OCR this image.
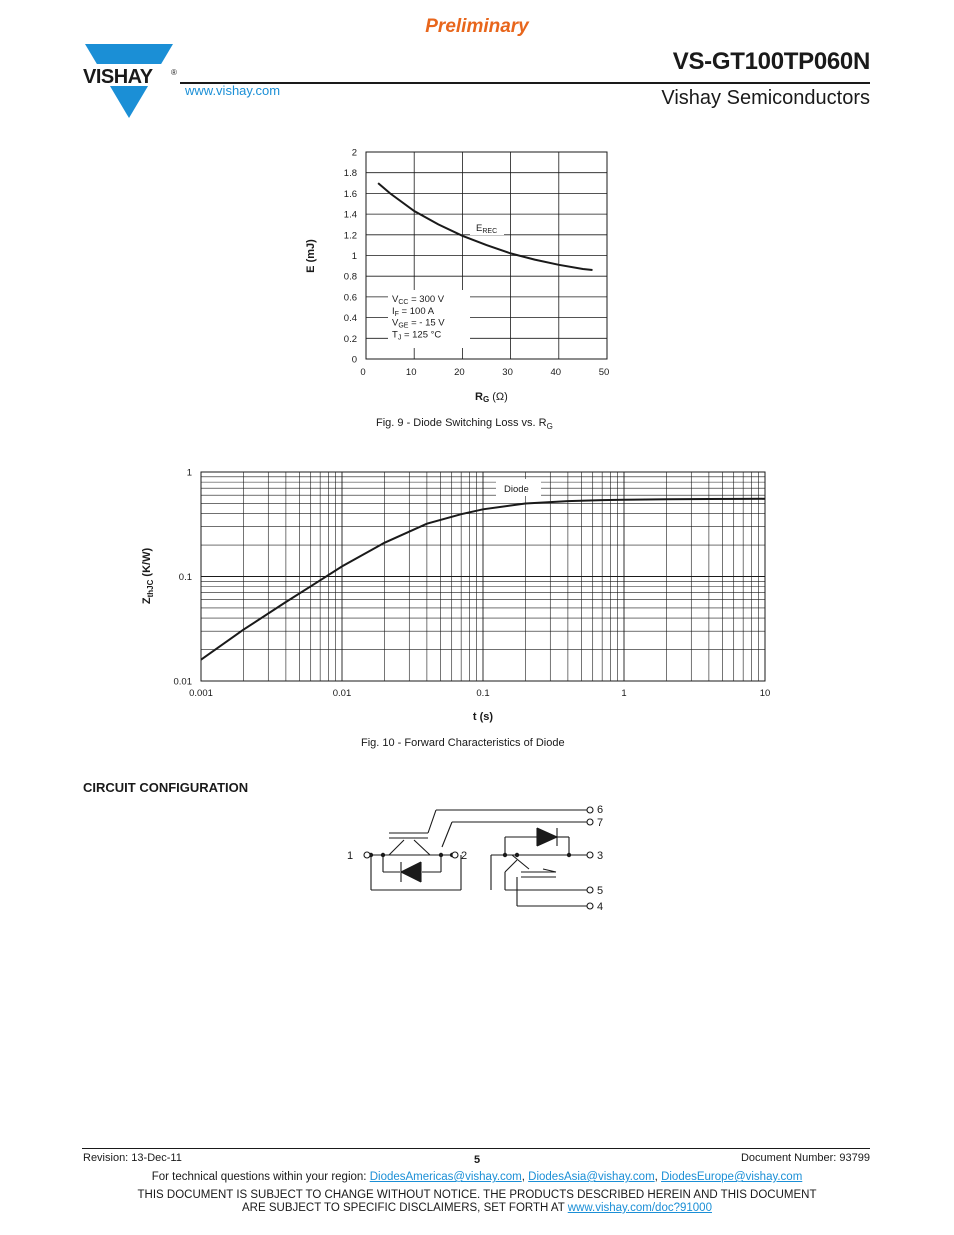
Preliminary
VISHAY ®
www.vishay.com
VS-GT100TP060N
Vishay Semiconductors
0
0.2
0.4
0.6
0.8
1
1.2
1.4
1.6
1.8
2
0	10	20	30	40	50
$E_{REC}$
$V_{CC} = 300$ V
$I_F = 100$ A
$V_{GE}$ = - 15 V
$T_J = 125$ °C
E (mJ)
RG (Ω)
Fig. 9 - Diode Switching Loss vs. $R_G$
0.01
0.1
1
0.001	0.01	0.1	1	10
Diode
$Z_{thJC}$ (K/W)
t (s)
Fig. 10 - Forward Characteristics of Diode
CIRCUIT CONFIGURATION
1	2
6
7
3
5
4
Revision: 13-Dec-11	5	Document Number: 93799
For technical questions within your region: DiodesAmericas@vishay.com, DiodesAsia@vishay.com, DiodesEurope@vishay.com
THIS DOCUMENT IS SUBJECT TO CHANGE WITHOUT NOTICE. THE PRODUCTS DESCRIBED HEREIN AND THIS DOCUMENT
ARE SUBJECT TO SPECIFIC DISCLAIMERS, SET FORTH AT www.vishay.com/doc?91000
